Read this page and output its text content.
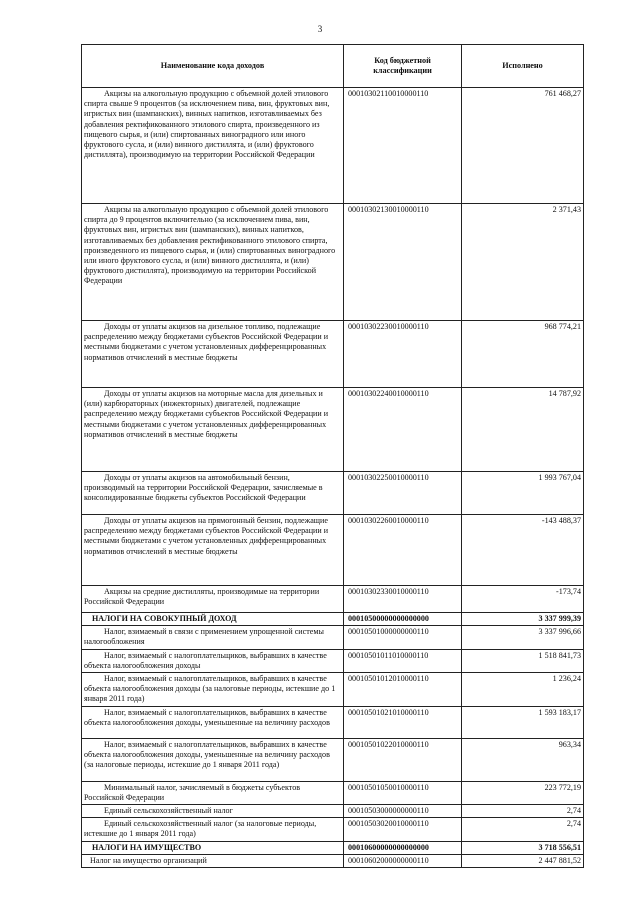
3
Наименование кода доходов	Код бюджетной классификации	Исполнено
Акцизы на алкогольную продукцию с объемной долей этилового спирта свыше 9 процентов (за исключением пива, вин, фруктовых вин, игристых вин (шампанских), винных напитков, изготавливаемых без добавления ректификованного этилового спирта, произведенного из пищевого сырья, и (или) спиртованных виноградного или иного фруктового сусла, и (или) винного дистиллята, и (или) фруктового дистиллята), производимую на территории Российской Федерации	00010302110010000110	761 468,27
Акцизы на алкогольную продукцию с объемной долей этилового спирта до 9 процентов включительно (за исключением пива, вин, фруктовых вин, игристых вин (шампанских), винных напитков, изготавливаемых без добавления ректификованного этилового спирта, произведенного из пищевого сырья, и (или) спиртованных виноградного или иного фруктового сусла, и (или) винного дистиллята, и (или) фруктового дистиллята), производимую на территории Российской Федерации	00010302130010000110	2 371,43
Доходы от уплаты акцизов на дизельное топливо, подлежащие распределению между бюджетами субъектов Российской Федерации и местными бюджетами с учетом установленных дифференцированных нормативов отчислений в местные бюджеты	00010302230010000110	968 774,21
Доходы от уплаты акцизов на моторные масла для дизельных и (или) карбюраторных (инжекторных) двигателей, подлежащие распределению между бюджетами субъектов Российской Федерации и местными бюджетами с учетом установленных дифференцированных нормативов отчислений в местные бюджеты	00010302240010000110	14 787,92
Доходы от уплаты акцизов на автомобильный бензин, производимый на территории Российской Федерации, зачисляемые в консолидированные бюджеты субъектов Российской Федерации	00010302250010000110	1 993 767,04
Доходы от уплаты акцизов на прямогонный бензин, подлежащие распределению между бюджетами субъектов Российской Федерации и местными бюджетами с учетом установленных дифференцированных нормативов отчислений в местные бюджеты	00010302260010000110	-143 488,37
Акцизы на средние дистилляты, производимые на территории Российской Федерации	00010302330010000110	-173,74
НАЛОГИ НА СОВОКУПНЫЙ ДОХОД	00010500000000000000	3 337 999,39
Налог, взимаемый в связи с применением упрощенной системы налогообложения	00010501000000000110	3 337 996,66
Налог, взимаемый с налогоплательщиков, выбравших в качестве объекта налогообложения доходы	00010501011010000110	1 518 841,73
Налог, взимаемый с налогоплательщиков, выбравших в качестве объекта налогообложения доходы (за налоговые периоды, истекшие до 1 января 2011 года)	00010501012010000110	1 236,24
Налог, взимаемый с налогоплательщиков, выбравших в качестве объекта налогообложения доходы, уменьшенные на величину расходов	00010501021010000110	1 593 183,17
Налог, взимаемый с налогоплательщиков, выбравших в качестве объекта налогообложения доходы, уменьшенные на величину расходов (за налоговые периоды, истекшие до 1 января 2011 года)	00010501022010000110	963,34
Минимальный налог, зачисляемый в бюджеты субъектов Российской Федерации	00010501050010000110	223 772,19
Единый сельскохозяйственный налог	00010503000000000110	2,74
Единый сельскохозяйственный налог (за налоговые периоды, истекшие до 1 января 2011 года)	00010503020010000110	2,74
НАЛОГИ НА ИМУЩЕСТВО	00010600000000000000	3 718 556,51
Налог на имущество организаций	00010602000000000110	2 447 881,52
